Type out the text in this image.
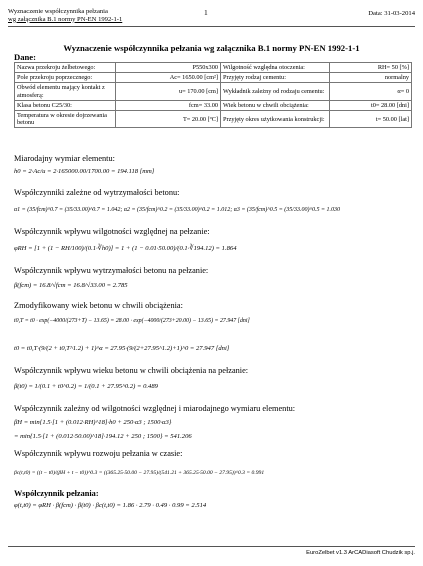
Wyznaczenie współczynnika pełzania
wg załącznika B.1 normy PN-EN 1992-1-1
1	Data: 31-03-2014
Wyznaczenie współczynnika pełzania wg załącznika B.1 normy PN-EN 1992-1-1
Dane:
Nazwa przekroju żelbetowego:	P550x300	Wilgotność względna otoczenia:	RH= 50 [%]
Pole przekroju poprzecznego:	Ac= 1650.00 [cm²]	Przyjęty rodzaj cementu:	normalny
Obwód elementu mający kontakt z atmosferą:	u= 170.00 [cm]	Wykładnik zależny od rodzaju cementu:	α= 0
Klasa betonu C25/30:	fcm= 33.00	Wiek betonu w chwili obciążenia:	t0= 28.00 [dni]
Temperatura w okresie dojrzewania betonu	T= 20.00 [ºC]	Przyjęty okres użytkowania konstrukcji:	t= 50.00 [lat]
Miarodajny wymiar elementu:
h0 = 2·Ac/u = 2·165000.00/1700.00 = 194.118 [mm]
Współczynniki zależne od wytrzymałości betonu:
α1 = (35/fcm)^0.7 = (35/33.00)^0.7 = 1.042; α2 = (35/fcm)^0.2 = (35/33.00)^0.2 = 1.012; α3 = (35/fcm)^0.5 = (35/33.00)^0.5 = 1.030
Współczynnik wpływu wilgotności względnej na pełzanie:
φRH = [1 + (1 − RH/100)/(0.1·∛h0)] = 1 + (1 − 0.01·50.00)/(0.1·∛194.12) = 1.864
Współczynnik wpływu wytrzymałości betonu na pełzanie:
β(fcm) = 16.8/√fcm = 16.8/√33.00 = 2.785
Zmodyfikowany wiek betonu w chwili obciążenia:
t0,T = t0 · exp(−4000/(273+T) − 13.65) = 28.00 · exp(−4000/(273+20.00) − 13.65) = 27.947 [dni]
t0 = t0,T·(9/(2 + t0,T^1.2) + 1)^α = 27.95·(9/(2+27.95^1.2)+1)^0 = 27.947 [dni]
Współczynnik wpływu wieku betonu w chwili obciążenia na pełzanie:
β(t0) = 1/(0.1 + t0^0.2) = 1/(0.1 + 27.95^0.2) = 0.489
Współczynnik zależny od wilgotności względnej i miarodajnego wymiaru elementu:
βH = min{1.5·[1 + (0.012·RH)^18]·h0 + 250·α3 ; 1500·α3}
= min{1.5·[1 + (0.012·50.00)^18]·194.12 + 250 ; 1500} = 541.206
Współczynnik wpływu rozwoju pełzania w czasie:
βc(t,t0) = ((t − t0)/(βH + t − t0))^0.3 = ((365.25·50.00 − 27.95)/(541.21 + 365.25·50.00 − 27.95))^0.3 = 0.991
Współczynnik pełzania:
φ(t,t0) = φRH · β(fcm) · β(t0) · βc(t,t0) = 1.86 · 2.79 · 0.49 · 0.99 = 2.514
EuroZelbet v1.3 ArCADiasoft Chudzik sp.j.
